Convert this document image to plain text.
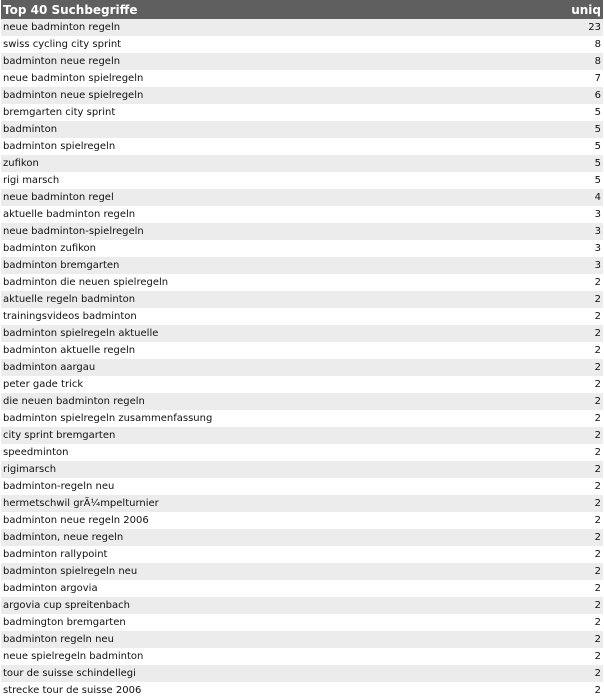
Top 40 Suchbegriffe	uniq
neue badminton regeln	23
swiss cycling city sprint	8
badminton neue regeln	8
neue badminton spielregeln	7
badminton neue spielregeln	6
bremgarten city sprint	5
badminton	5
badminton spielregeln	5
zufikon	5
rigi marsch	5
neue badminton regel	4
aktuelle badminton regeln	3
neue badminton-spielregeln	3
badminton zufikon	3
badminton bremgarten	3
badminton die neuen spielregeln	2
aktuelle regeln badminton	2
trainingsvideos badminton	2
badminton spielregeln aktuelle	2
badminton aktuelle regeln	2
badminton aargau	2
peter gade trick	2
die neuen badminton regeln	2
badminton spielregeln zusammenfassung	2
city sprint bremgarten	2
speedminton	2
rigimarsch	2
badminton-regeln neu	2
hermetschwil grÃ¼mpelturnier	2
badminton neue regeln 2006	2
badminton, neue regeln	2
badminton rallypoint	2
badminton spielregeln neu	2
badminton argovia	2
argovia cup spreitenbach	2
badmington bremgarten	2
badminton regeln neu	2
neue spielregeln badminton	2
tour de suisse schindellegi	2
strecke tour de suisse 2006	2
